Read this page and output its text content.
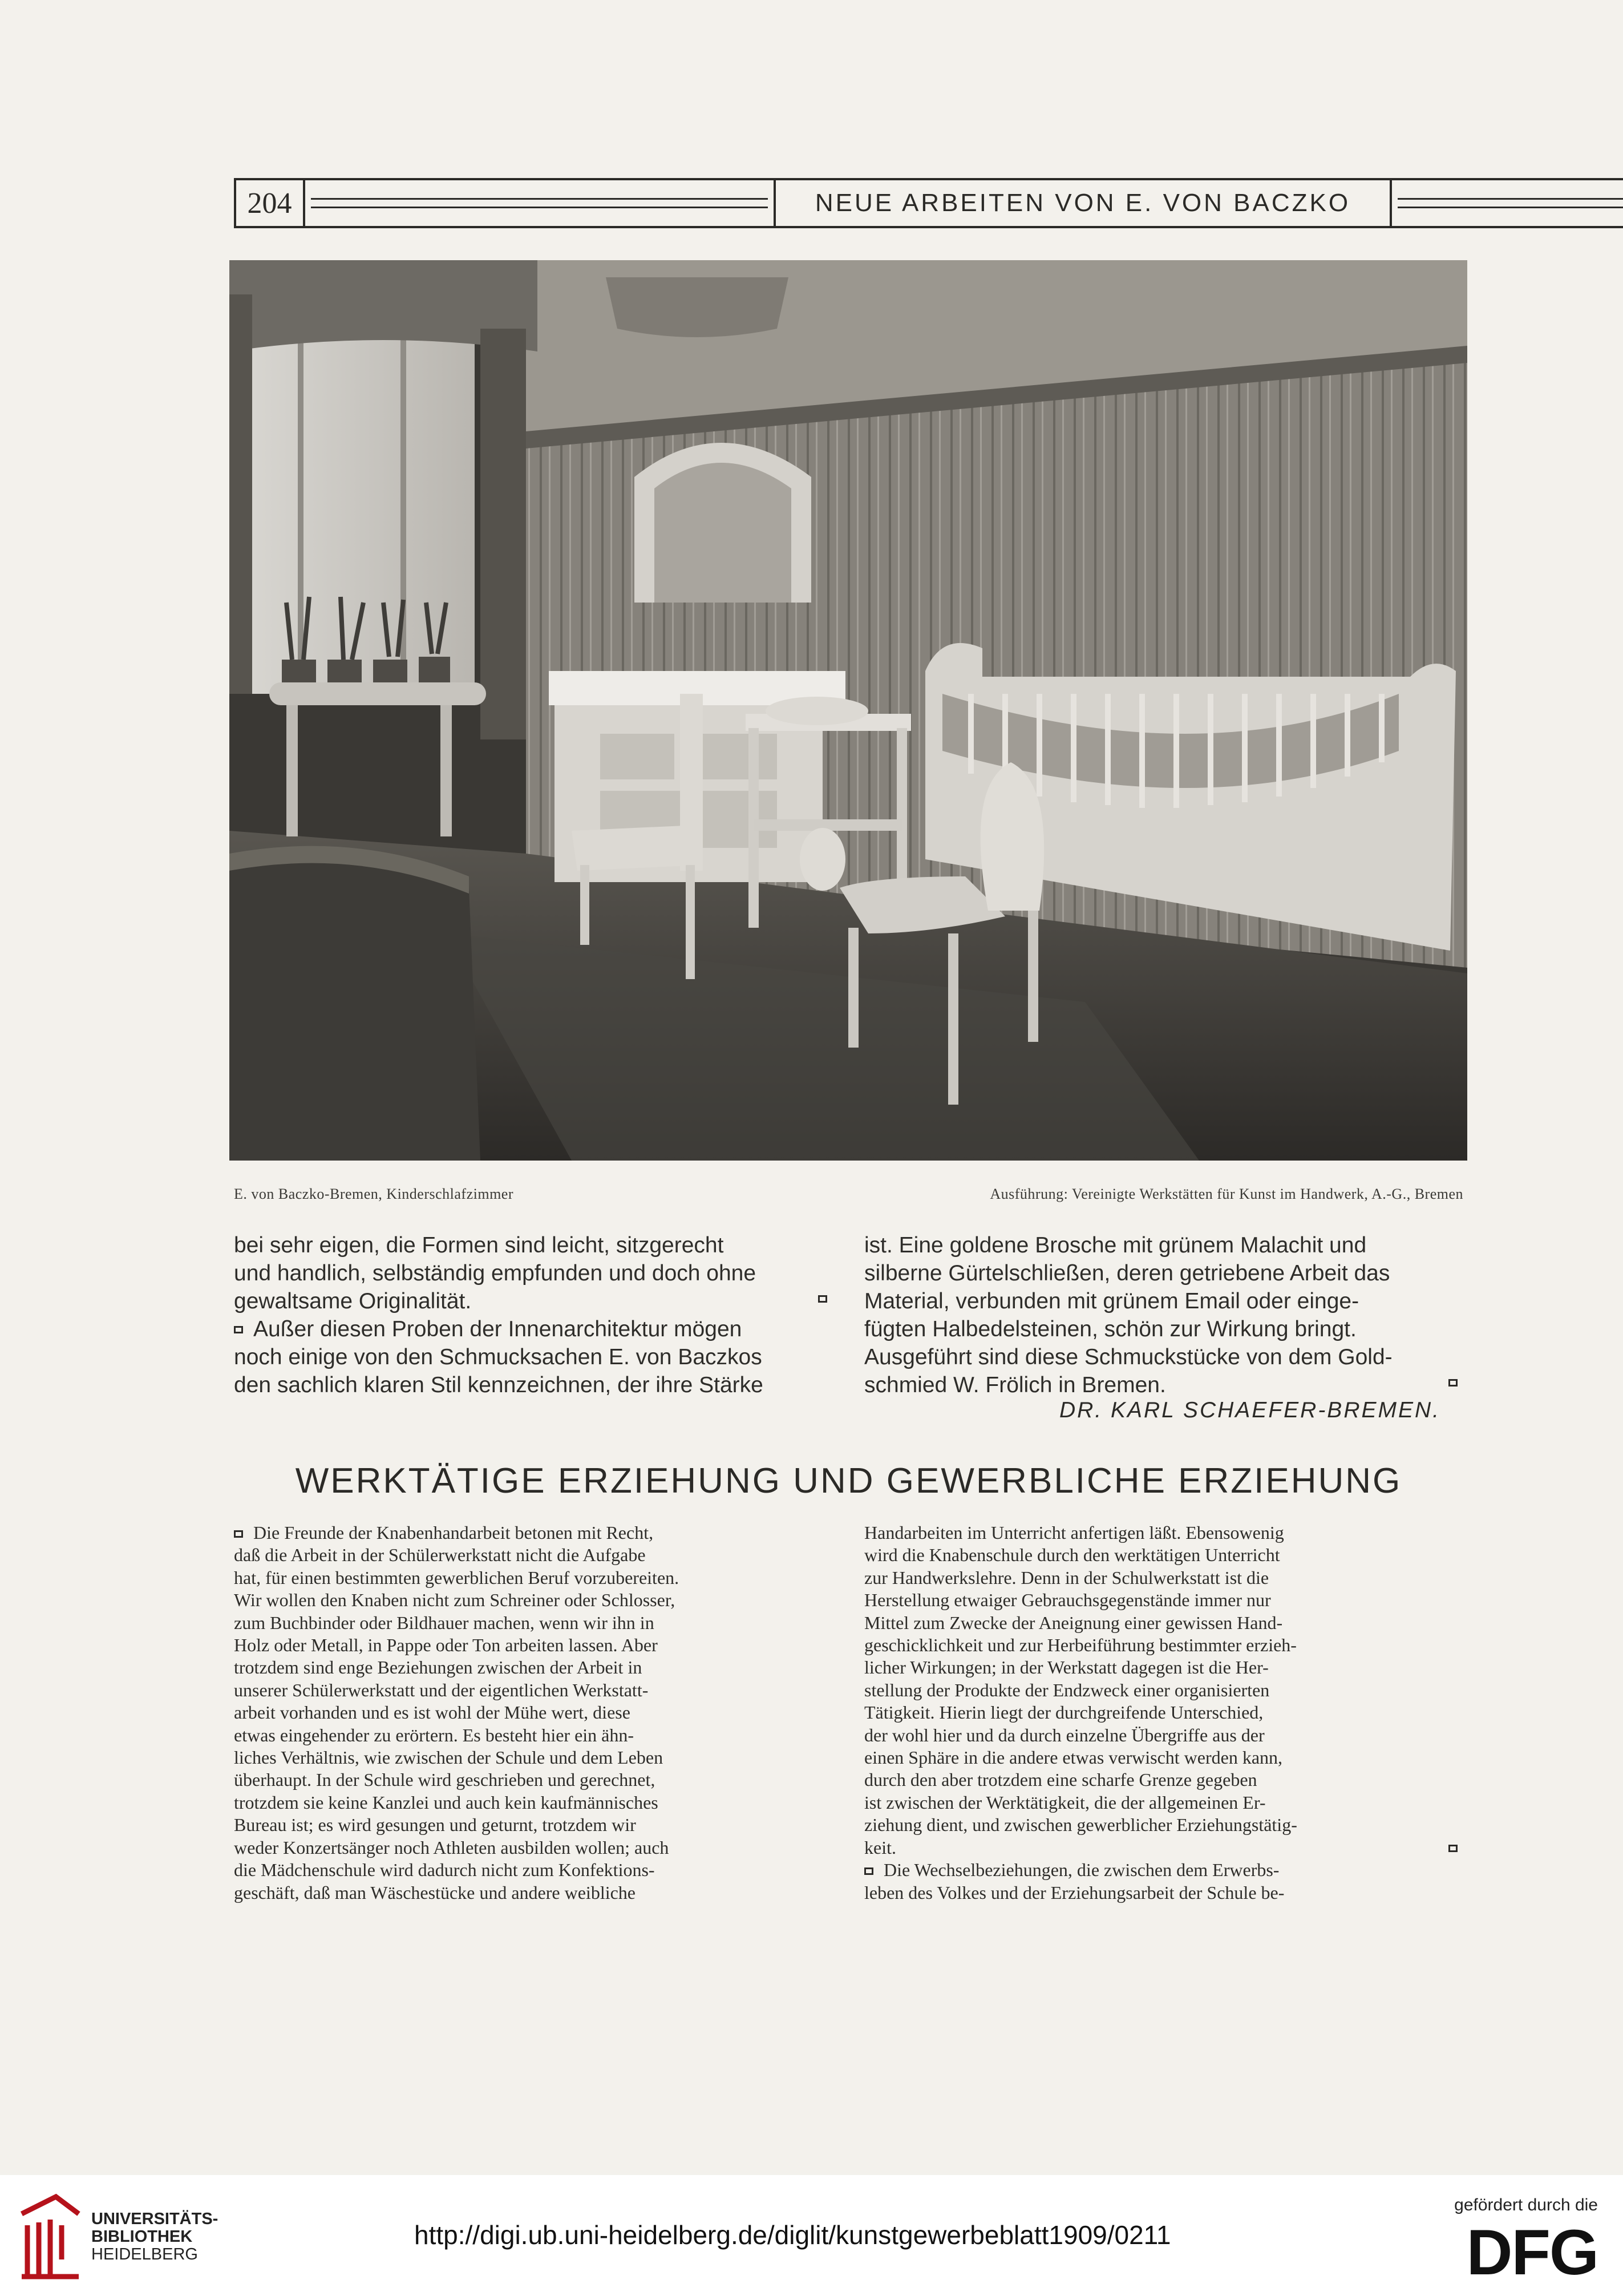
204	NEUE ARBEITEN VON E. VON BACZKO
E. von Baczko-Bremen, Kinderschlafzimmer	Ausführung: Vereinigte Werkstätten für Kunst im Handwerk, A.-G., Bremen

bei sehr eigen, die Formen sind leicht, sitzgerecht

und handlich, selbständig empfunden und doch ohne

gewaltsame Originalität.

Außer diesen Proben der Innenarchitektur mögen

noch einige von den Schmucksachen E. von Baczkos

den sachlich klaren Stil kennzeichnen, der ihre Stärke

ist. Eine goldene Brosche mit grünem Malachit und

silberne Gürtelschließen, deren getriebene Arbeit das

Material, verbunden mit grünem Email oder einge-

fügten Halbedelsteinen, schön zur Wirkung bringt.

Ausgeführt sind diese Schmuckstücke von dem Gold-

schmied W. Frölich in Bremen.

DR. KARL SCHAEFER-BREMEN.
WERKTÄTIGE ERZIEHUNG UND GEWERBLICHE ERZIEHUNG

Die Freunde der Knabenhandarbeit betonen mit Recht,

daß die Arbeit in der Schülerwerkstatt nicht die Aufgabe

hat, für einen bestimmten gewerblichen Beruf vorzubereiten.

Wir wollen den Knaben nicht zum Schreiner oder Schlosser,

zum Buchbinder oder Bildhauer machen, wenn wir ihn in

Holz oder Metall, in Pappe oder Ton arbeiten lassen. Aber

trotzdem sind enge Beziehungen zwischen der Arbeit in

unserer Schülerwerkstatt und der eigentlichen Werkstatt-

arbeit vorhanden und es ist wohl der Mühe wert, diese

etwas eingehender zu erörtern. Es besteht hier ein ähn-

liches Verhältnis, wie zwischen der Schule und dem Leben

überhaupt. In der Schule wird geschrieben und gerechnet,

trotzdem sie keine Kanzlei und auch kein kaufmännisches

Bureau ist; es wird gesungen und geturnt, trotzdem wir

weder Konzertsänger noch Athleten ausbilden wollen; auch

die Mädchenschule wird dadurch nicht zum Konfektions-

geschäft, daß man Wäschestücke und andere weibliche

Handarbeiten im Unterricht anfertigen läßt. Ebensowenig

wird die Knabenschule durch den werktätigen Unterricht

zur Handwerkslehre. Denn in der Schulwerkstatt ist die

Herstellung etwaiger Gebrauchsgegenstände immer nur

Mittel zum Zwecke der Aneignung einer gewissen Hand-

geschicklichkeit und zur Herbeiführung bestimmter erzieh-

licher Wirkungen; in der Werkstatt dagegen ist die Her-

stellung der Produkte der Endzweck einer organisierten

Tätigkeit. Hierin liegt der durchgreifende Unterschied,

der wohl hier und da durch einzelne Übergriffe aus der

einen Sphäre in die andere etwas verwischt werden kann,

durch den aber trotzdem eine scharfe Grenze gegeben

ist zwischen der Werktätigkeit, die der allgemeinen Er-

ziehung dient, und zwischen gewerblicher Erziehungstätig-

keit.

Die Wechselbeziehungen, die zwischen dem Erwerbs-

leben des Volkes und der Erziehungsarbeit der Schule be-

UNIVERSITÄTS-
BIBLIOTHEK
HEIDELBERG
http://digi.ub.uni-heidelberg.de/diglit/kunstgewerbeblatt1909/0211
gefördert durch die
DFG
